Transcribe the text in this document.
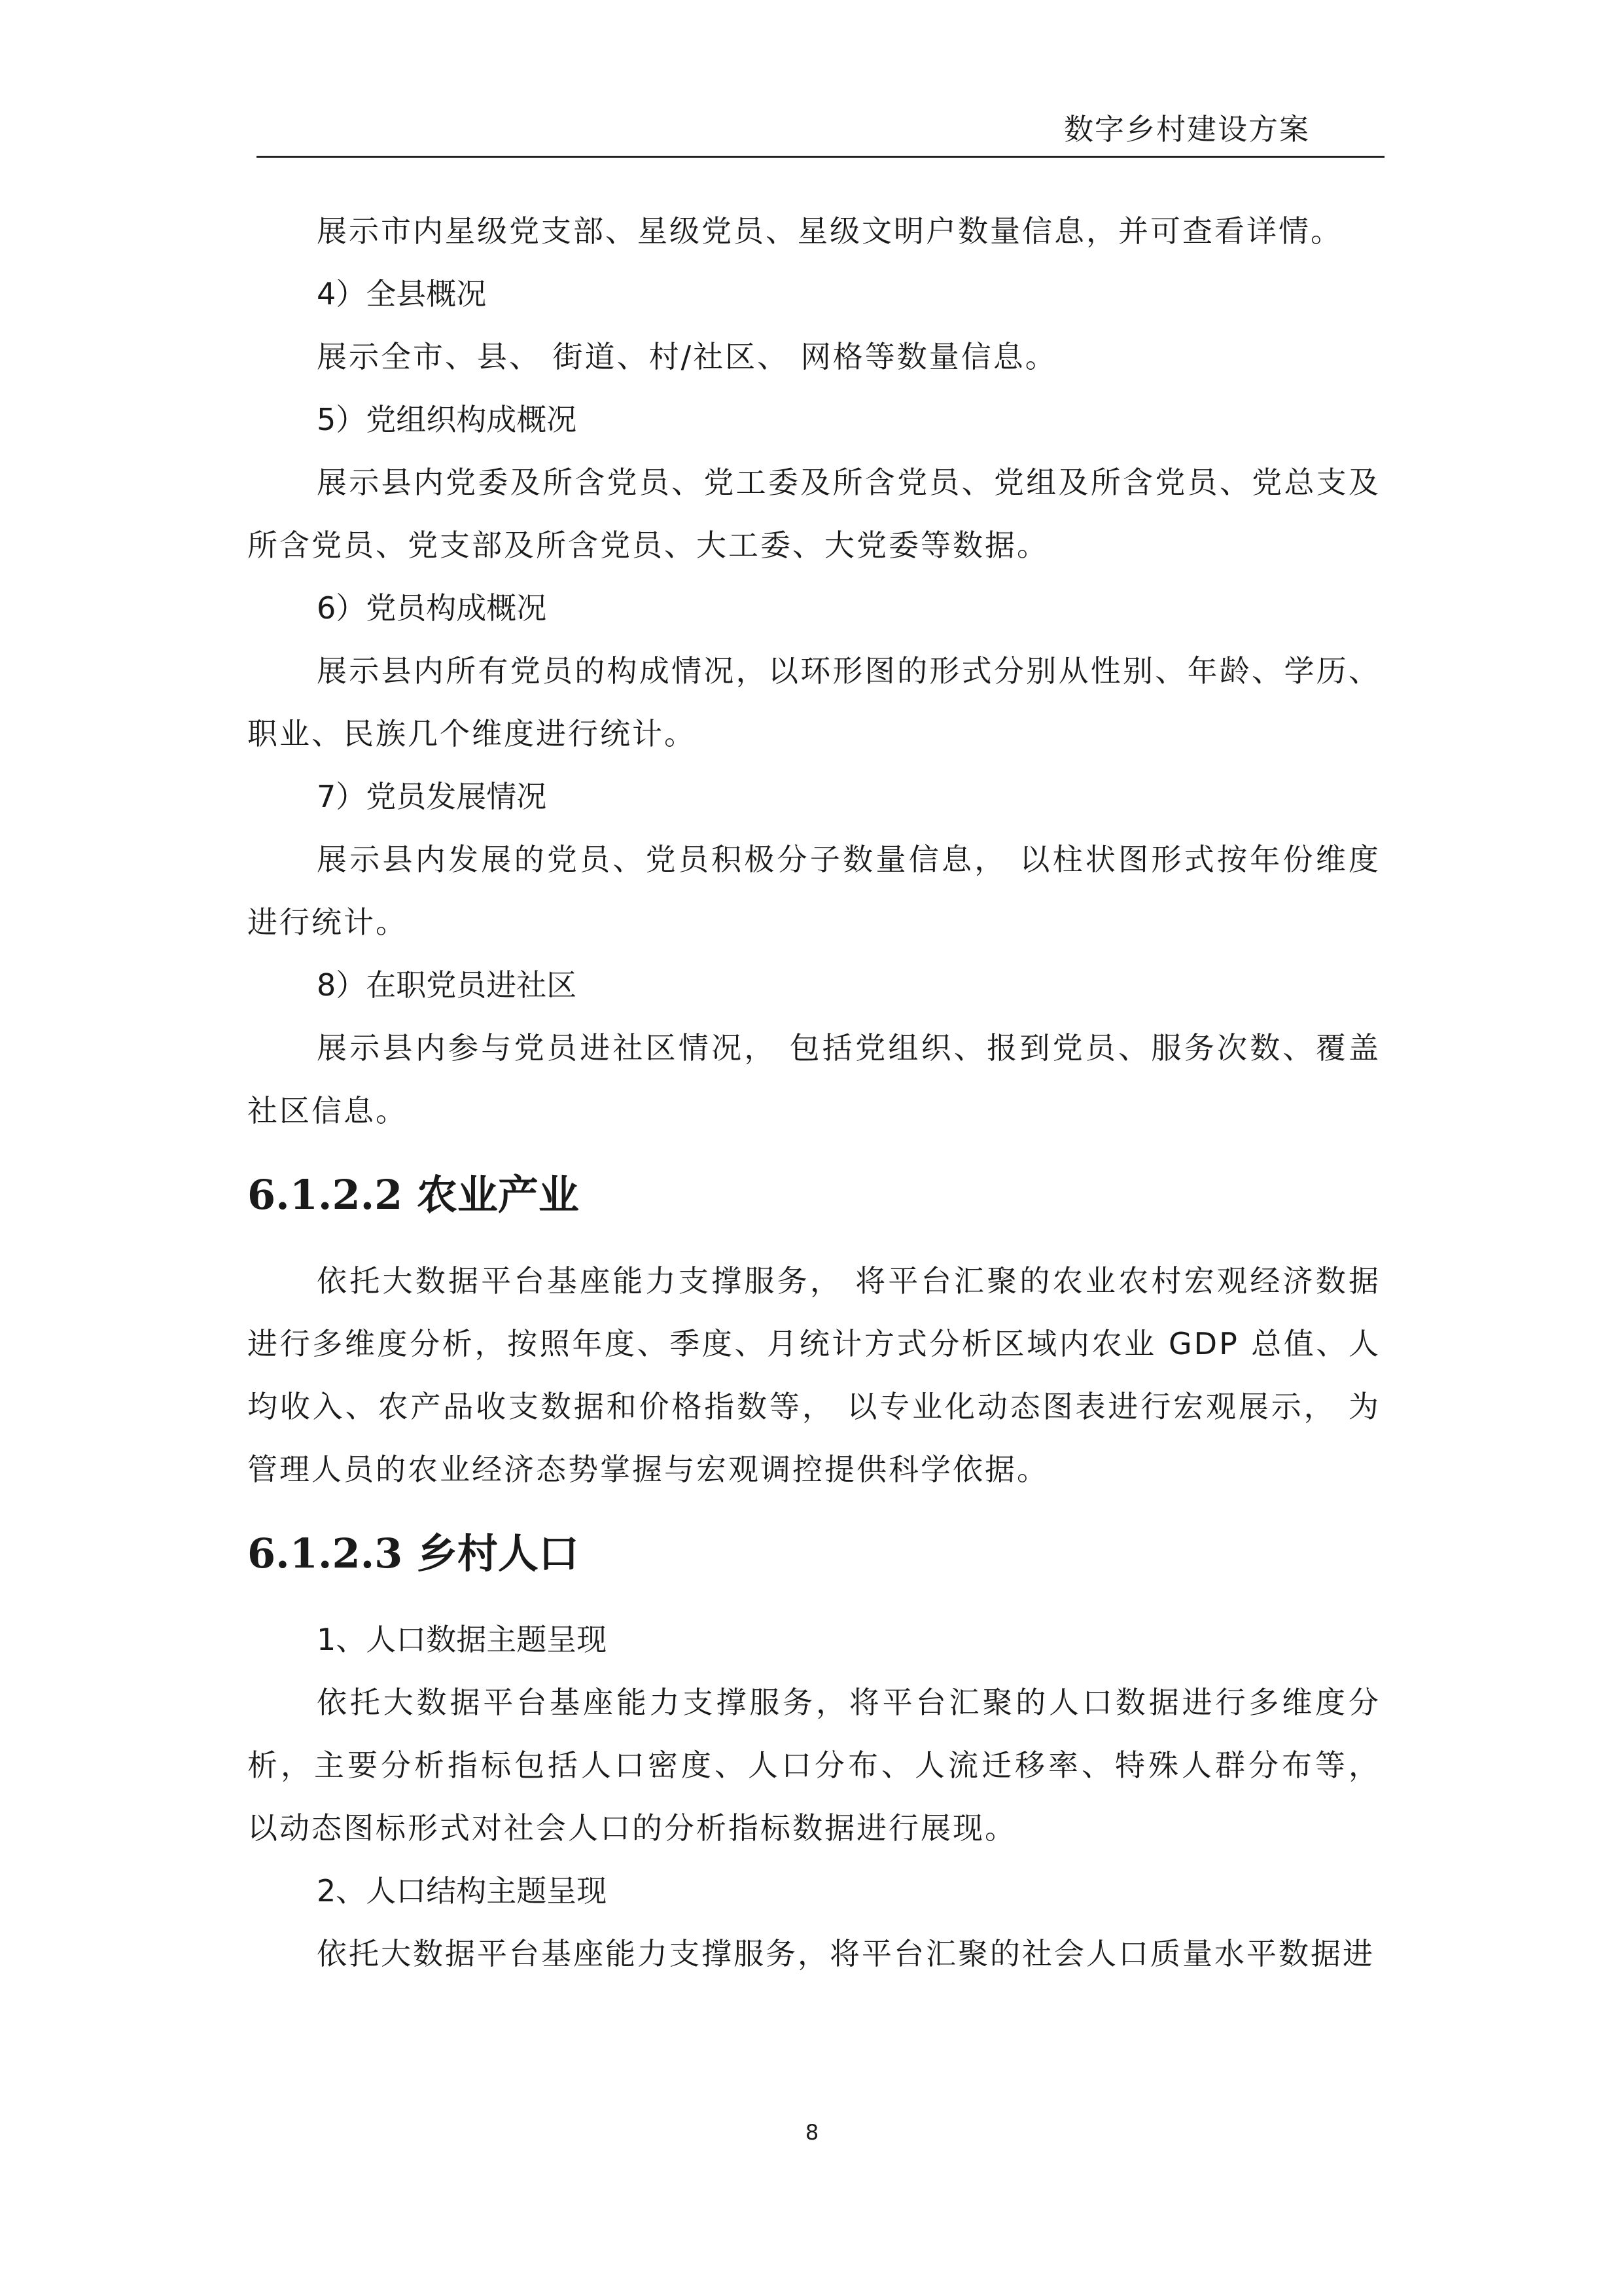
数字乡村建设方案

展示市内星级党支部、星级党员、星级文明户数量信息，并可查看详情。

4）全县概况

展示全市、县、 街道、村/社区、 网格等数量信息。

5）党组织构成概况

展示县内党委及所含党员、党工委及所含党员、党组及所含党员、党总支及所含党员、党支部及所含党员、大工委、大党委等数据。

6）党员构成概况

展示县内所有党员的构成情况，以环形图的形式分别从性别、年龄、学历、职业、民族几个维度进行统计。

7）党员发展情况

展示县内发展的党员、党员积极分子数量信息， 以柱状图形式按年份维度进行统计。

8）在职党员进社区

展示县内参与党员进社区情况， 包括党组织、报到党员、服务次数、覆盖社区信息。

6.1.2.2 农业产业

依托大数据平台基座能力支撑服务， 将平台汇聚的农业农村宏观经济数据进行多维度分析，按照年度、季度、月统计方式分析区域内农业 GDP 总值、人均收入、农产品收支数据和价格指数等， 以专业化动态图表进行宏观展示， 为管理人员的农业经济态势掌握与宏观调控提供科学依据。

6.1.2.3 乡村人口

1、人口数据主题呈现

依托大数据平台基座能力支撑服务，将平台汇聚的人口数据进行多维度分析，主要分析指标包括人口密度、人口分布、人流迁移率、特殊人群分布等， 以动态图标形式对社会人口的分析指标数据进行展现。

2、人口结构主题呈现

依托大数据平台基座能力支撑服务，将平台汇聚的社会人口质量水平数据进

8
